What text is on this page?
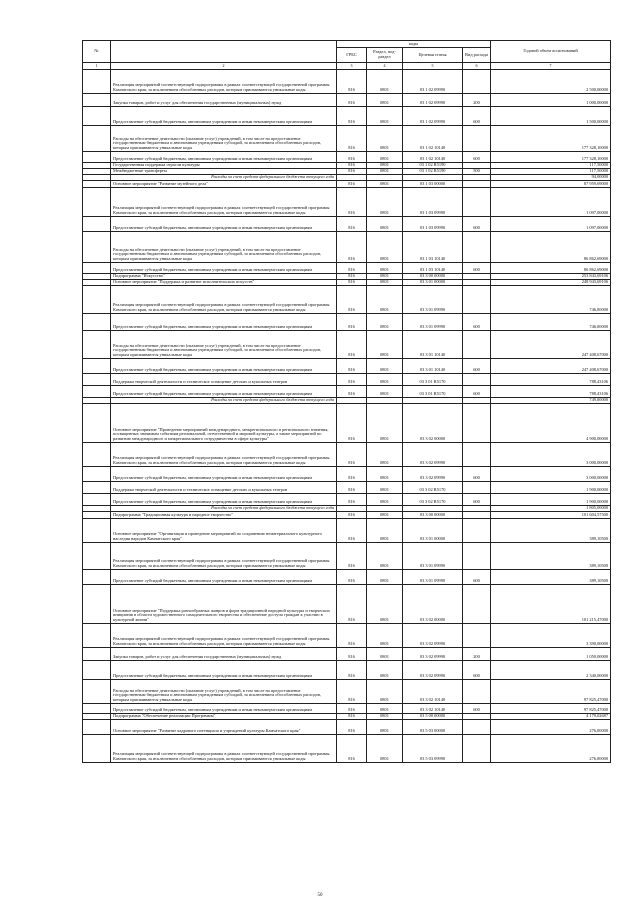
№		коды				Годовой объем ассигнований
		ГРБС	Раздел, под-раздел	Целевая статья	Вид расхода	
1	2	3	4	5	6	7
	Реализация мероприятий соответствующей подпрограммы в рамках соответствующей государственной программы Камчатского края, за исключением обособленных расходов, которым присваиваются уникальные коды	816	0801	03 1 02 09990		2 500,00000
	Закупка товаров, работ и услуг для обеспечения государственных (муниципальных) нужд	816	0801	03 1 02 09990	200	1 000,00000
	Предоставление субсидий бюджетным, автономным учреждениям и иным некоммерческим организациям	816	0801	03 1 02 09990	600	1 500,00000
	Расходы на обеспечение деятельности (оказание услуг) учреждений, в том числе на предоставление государственным бюджетным и автономным учреждениям субсидий, за исключением обособленных расходов, которым присваиваются уникальные коды	816	0801	03 1 02 10140		177 328,10000
	Предоставление субсидий бюджетным, автономным учреждениям и иным некоммерческим организациям	816	0801	03 1 02 10140	600	177 328,10000
	Государственная поддержка отрасли культуры	816	0801	03 1 02 R5190		117,50000
	Межбюджетные трансферты	816	0801	03 1 02 R5190	500	117,50000
	Расходы за счет средств федерального бюджета текущего года					94,00000
	Основное мероприятие "Развитие музейного дела"	816	0801	03 1 03 00000		87 959,69000
	Реализация мероприятий соответствующей подпрограммы в рамках соответствующей государственной программы Камчатского края, за исключением обособленных расходов, которым присваиваются уникальные коды	816	0801	03 1 03 09990		1 097,00000
	Предоставление субсидий бюджетным, автономным учреждениям и иным некоммерческим организациям	816	0801	03 1 03 09990	600	1 097,00000
	Расходы на обеспечение деятельности (оказание услуг) учреждений, в том числе на предоставление государственным бюджетным и автономным учреждениям субсидий, за исключением обособленных расходов, которым присваиваются уникальные коды	816	0801	03 1 03 10140		86 862,69000
	Предоставление субсидий бюджетным, автономным учреждениям и иным некоммерческим организациям	816	0801	03 1 03 10140	600	86 862,69000
	Подпрограмма "Искусство"	816	0801	03 3 00 00000		253 843,69106
	Основное мероприятие "Поддержка и развитие исполнительских искусств"	816	0801	03 3 01 00000		248 943,69106
	Реализация мероприятий соответствующей подпрограммы в рамках соответствующей государственной программы Камчатского края, за исключением обособленных расходов, которым присваиваются уникальные коды	816	0801	03 3 01 09990		746,00000
	Предоставление субсидий бюджетным, автономным учреждениям и иным некоммерческим организациям	816	0801	03 3 01 09990	600	746,00000
	Расходы на обеспечение деятельности (оказание услуг) учреждений, в том числе на предоставление государственным бюджетным и автономным учреждениям субсидий, за исключением обособленных расходов, которым присваиваются уникальные коды	816	0801	03 3 01 10140		247 408,67000
	Предоставление субсидий бюджетным, автономным учреждениям и иным некоммерческим организациям	816	0801	03 3 01 10140	600	247 408,67000
	Поддержка творческой деятельности и техническое оснащение детских и кукольных театров	816	0801	03 3 01 R5170		788,43106
	Предоставление субсидий бюджетным, автономным учреждениям и иным некоммерческим организациям	816	0801	03 3 01 R5170	600	788,43106
	Расходы за счет средств федерального бюджета текущего года					749,00000
	Основное мероприятие "Проведение мероприятий международного, межрегионального и регионального значения, посвященных значимым событиям региональной, отечественной и мировой культуры, а также мероприятий по развитию международного и межрегионального сотрудничества в сфере культуры"	816	0801	03 3 02 00000		4 900,00000
	Реализация мероприятий соответствующей подпрограммы в рамках соответствующей государственной программы Камчатского края, за исключением обособленных расходов, которым присваиваются уникальные коды	816	0801	03 3 02 09990		3 000,00000
	Предоставление субсидий бюджетным, автономным учреждениям и иным некоммерческим организациям	816	0801	03 3 02 09990	600	3 000,00000
	Поддержка творческой деятельности и техническое оснащение детских и кукольных театров	816	0801	03 3 02 R5170		1 900,00000
	Предоставление субсидий бюджетным, автономным учреждениям и иным некоммерческим организациям	816	0801	03 3 02 R5170	600	1 900,00000
	Расходы за счет средств федерального бюджета текущего года					1 805,00000
	Подпрограмма "Традиционная культура и народное творчество"	816	0801	03 3 00 00000		101 604,57500
	Основное мероприятие "Организация и проведение мероприятий по сохранению нематериального культурного наследия народов Камчатского края"	816	0801	03 3 01 00000		389,10500
	Реализация мероприятий соответствующей подпрограммы в рамках соответствующей государственной программы Камчатского края, за исключением обособленных расходов, которым присваиваются уникальные коды	816	0801	03 3 01 09990		389,10500
	Предоставление субсидий бюджетным, автономным учреждениям и иным некоммерческим организациям	816	0801	03 3 01 09990	600	389,10500
	Основное мероприятие "Поддержка разнообразных жанров и форм традиционной народной культуры и творческих инициатив в области художественного самодеятельного творчества и обеспечение доступа граждан к участию в культурной жизни"	816	0801	03 3 02 00000		101 215,47000
	Реализация мероприятий соответствующей подпрограммы в рамках соответствующей государственной программы Камчатского края, за исключением обособленных расходов, которым присваиваются уникальные коды	816	0801	03 3 02 09990		3 390,00000
	Закупка товаров, работ и услуг для обеспечения государственных (муниципальных) нужд	816	0801	03 3 02 09990	200	1 050,00000
	Предоставление субсидий бюджетным, автономным учреждениям и иным некоммерческим организациям	816	0801	03 3 02 09990	600	2 340,00000
	Расходы на обеспечение деятельности (оказание услуг) учреждений, в том числе на предоставление государственным бюджетным и автономным учреждениям субсидий, за исключением обособленных расходов, которым присваиваются уникальные коды	816	0801	03 3 02 10140		97 825,47000
	Предоставление субсидий бюджетным, автономным учреждениям и иным некоммерческим организациям	816	0801	03 3 02 10140	600	97 825,47000
	Подпрограмма "Обеспечение реализации Программы"	816	0801	03 5 00 00000		4 179,02687
	Основное мероприятие "Развитие кадрового потенциала и учреждений культуры Камчатского края"	816	0801	03 5 03 00000		276,00000
	Реализация мероприятий соответствующей подпрограммы в рамках соответствующей государственной программы Камчатского края, за исключением обособленных расходов, которым присваиваются уникальные коды	816	0801	03 5 03 09990		276,00000
50
